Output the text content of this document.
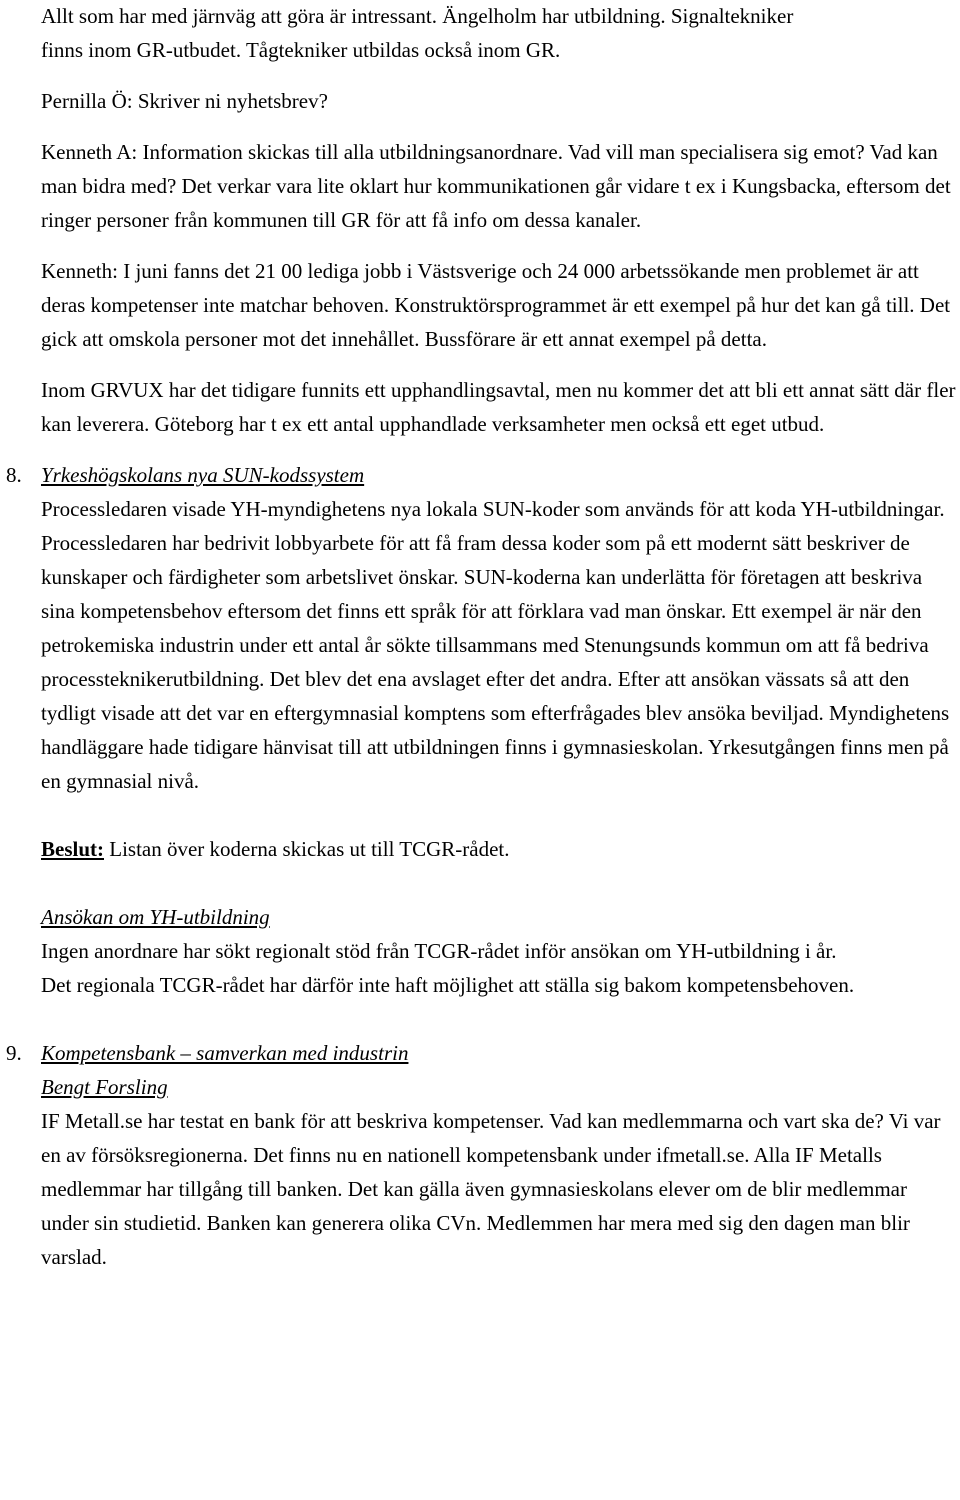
Allt som har med järnväg att göra är intressant. Ängelholm har utbildning. Signaltekniker finns inom GR-utbudet. Tågtekniker utbildas också inom GR.

Pernilla Ö: Skriver ni nyhetsbrev?

Kenneth A: Information skickas till alla utbildningsanordnare. Vad vill man specialisera sig emot? Vad kan man bidra med? Det verkar vara lite oklart hur kommunikationen går vidare t ex i Kungsbacka, eftersom det ringer personer från kommunen till GR för att få info om dessa kanaler.

Kenneth: I juni fanns det 21 00 lediga jobb i Västsverige och 24 000 arbetssökande men problemet är att deras kompetenser inte matchar behoven. Konstruktörsprogrammet är ett exempel på hur det kan gå till. Det gick att omskola personer mot det innehållet. Bussförare är ett annat exempel på detta.

Inom GRVUX har det tidigare funnits ett upphandlingsavtal, men nu kommer det att bli ett annat sätt där fler kan leverera. Göteborg har t ex ett antal upphandlade verksamheter men också ett eget utbud.

8. Yrkeshögskolans nya SUN-kodssystem

Processledaren visade YH-myndighetens nya lokala SUN-koder som används för att koda YH-utbildningar. Processledaren har bedrivit lobbyarbete för att få fram dessa koder som på ett modernt sätt beskriver de kunskaper och färdigheter som arbetslivet önskar. SUN-koderna kan underlätta för företagen att beskriva sina kompetensbehov eftersom det finns ett språk för att förklara vad man önskar. Ett exempel är när den petrokemiska industrin under ett antal år sökte tillsammans med Stenungsunds kommun om att få bedriva processteknikerutbildning. Det blev det ena avslaget efter det andra. Efter att ansökan vässats så att den tydligt visade att det var en eftergymnasial komptens som efterfrågades blev ansöka beviljad. Myndighetens handläggare hade tidigare hänvisat till att utbildningen finns i gymnasieskolan. Yrkesutgången finns men på en gymnasial nivå.

Beslut: Listan över koderna skickas ut till TCGR-rådet.

Ansökan om YH-utbildning

Ingen anordnare har sökt regionalt stöd från TCGR-rådet inför ansökan om YH-utbildning i år. Det regionala TCGR-rådet har därför inte haft möjlighet att ställa sig bakom kompetensbehoven.

9. Kompetensbank – samverkan med industrin

Bengt Forsling

IF Metall.se har testat en bank för att beskriva kompetenser. Vad kan medlemmarna och vart ska de? Vi var en av försöksregionerna. Det finns nu en nationell kompetensbank under ifmetall.se. Alla IF Metalls medlemmar har tillgång till banken. Det kan gälla även gymnasieskolans elever om de blir medlemmar under sin studietid. Banken kan generera olika CVn. Medlemmen har mera med sig den dagen man blir varslad.
